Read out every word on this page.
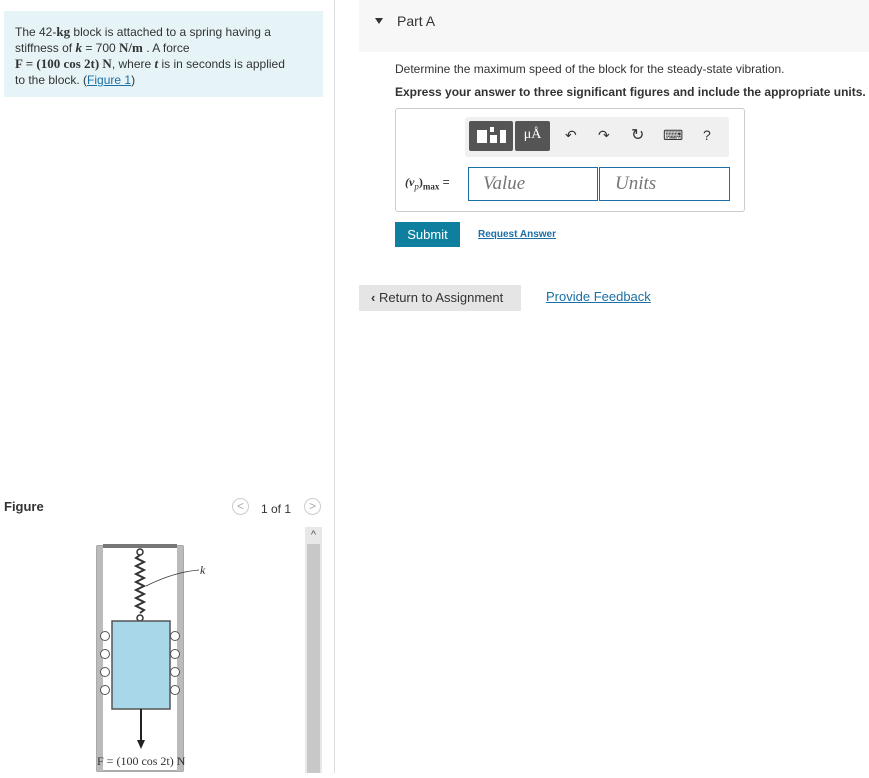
The 42-kg block is attached to a spring having a
stiffness of k = 700 N/m . A force
F = (100 cos 2t) N, where t is in seconds is applied
to the block. (Figure 1)
Figure	<	1 of 1	>
k
F = (100 cos 2t) N
^
Part A
Determine the maximum speed of the block for the steady-state vibration.
Express your answer to three significant figures and include the appropriate units.
μÅ	↶ ↷ ↻ ⌨ ?
$(v_p)_{max}$ =
Value
Units
Submit	Request Answer
‹ Return to Assignment	Provide Feedback
